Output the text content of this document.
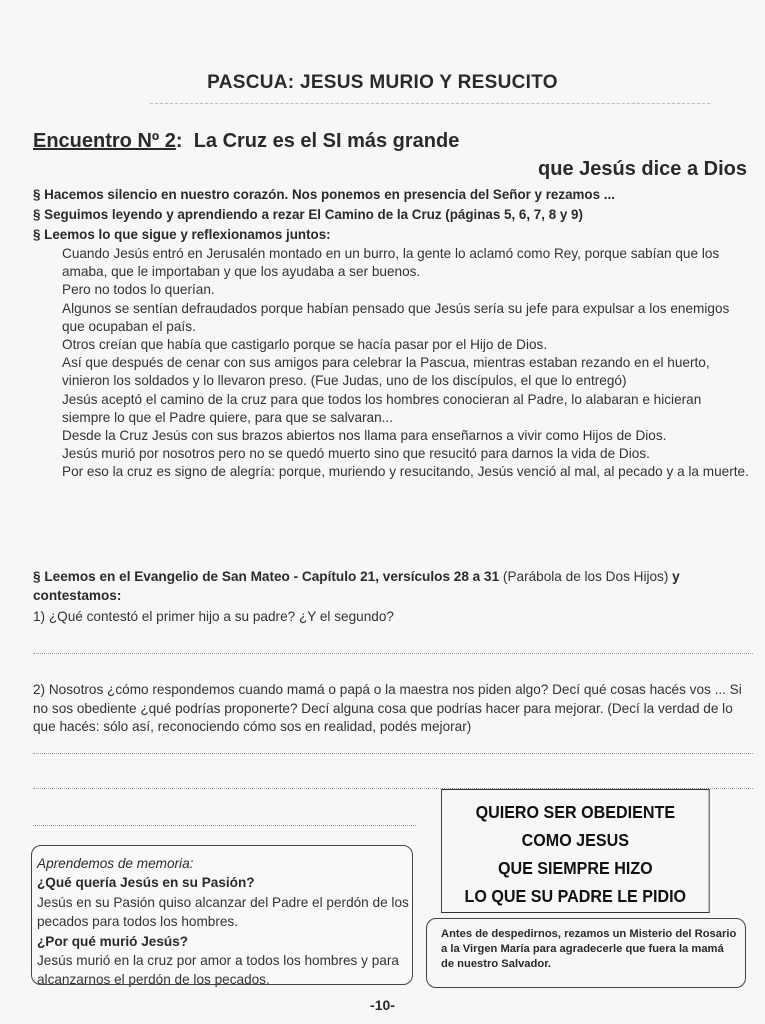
PASCUA: JESUS MURIO Y RESUCITO
Encuentro Nº 2: La Cruz es el SI más grande
que Jesús dice a Dios
§ Hacemos silencio en nuestro corazón. Nos ponemos en presencia del Señor y rezamos ...
§ Seguimos leyendo y aprendiendo a rezar El Camino de la Cruz (páginas 5, 6, 7, 8 y 9)
§ Leemos lo que sigue y reflexionamos juntos:

Cuando Jesús entró en Jerusalén montado en un burro, la gente lo aclamó como Rey, porque sabían que los amaba, que le importaban y que los ayudaba a ser buenos.

Pero no todos lo querían.

Algunos se sentían defraudados porque habían pensado que Jesús sería su jefe para expulsar a los enemigos que ocupaban el país.

Otros creían que había que castigarlo porque se hacía pasar por el Hijo de Dios.

Así que después de cenar con sus amigos para celebrar la Pascua, mientras estaban rezando en el huerto, vinieron los soldados y lo llevaron preso. (Fue Judas, uno de los discípulos, el que lo entregó)

Jesús aceptó el camino de la cruz para que todos los hombres conocieran al Padre, lo alabaran e hicieran siempre lo que el Padre quiere, para que se salvaran...

Desde la Cruz Jesús con sus brazos abiertos nos llama para enseñarnos a vivir como Hijos de Dios.

Jesús murió por nosotros pero no se quedó muerto sino que resucitó para darnos la vida de Dios.

Por eso la cruz es signo de alegría: porque, muriendo y resucitando, Jesús venció al mal, al pecado y a la muerte.

§ Leemos en el Evangelio de San Mateo - Capítulo 21, versículos 28 a 31 (Parábola de los Dos Hijos) y contestamos:
1) ¿Qué contestó el primer hijo a su padre? ¿Y el segundo?
2) Nosotros ¿cómo respondemos cuando mamá o papá o la maestra nos piden algo? Decí qué cosas hacés vos ... Si no sos obediente ¿qué podrías proponerte? Decí alguna cosa que podrías hacer para mejorar. (Decí la verdad de lo que hacés: sólo así, reconociendo cómo sos en realidad, podés mejorar)
Aprendemos de memoria:
¿Qué quería Jesús en su Pasión?
Jesús en su Pasión quiso alcanzar del Padre el perdón de los pecados para todos los hombres.
¿Por qué murió Jesús?
Jesús murió en la cruz por amor a todos los hombres y para alcanzarnos el perdón de los pecados.
QUIERO SER OBEDIENTE
COMO JESUS
QUE SIEMPRE HIZO
LO QUE SU PADRE LE PIDIO
Antes de despedirnos, rezamos un Misterio del Rosario a la Virgen María para agradecerle que fuera la mamá de nuestro Salvador.
-10-
